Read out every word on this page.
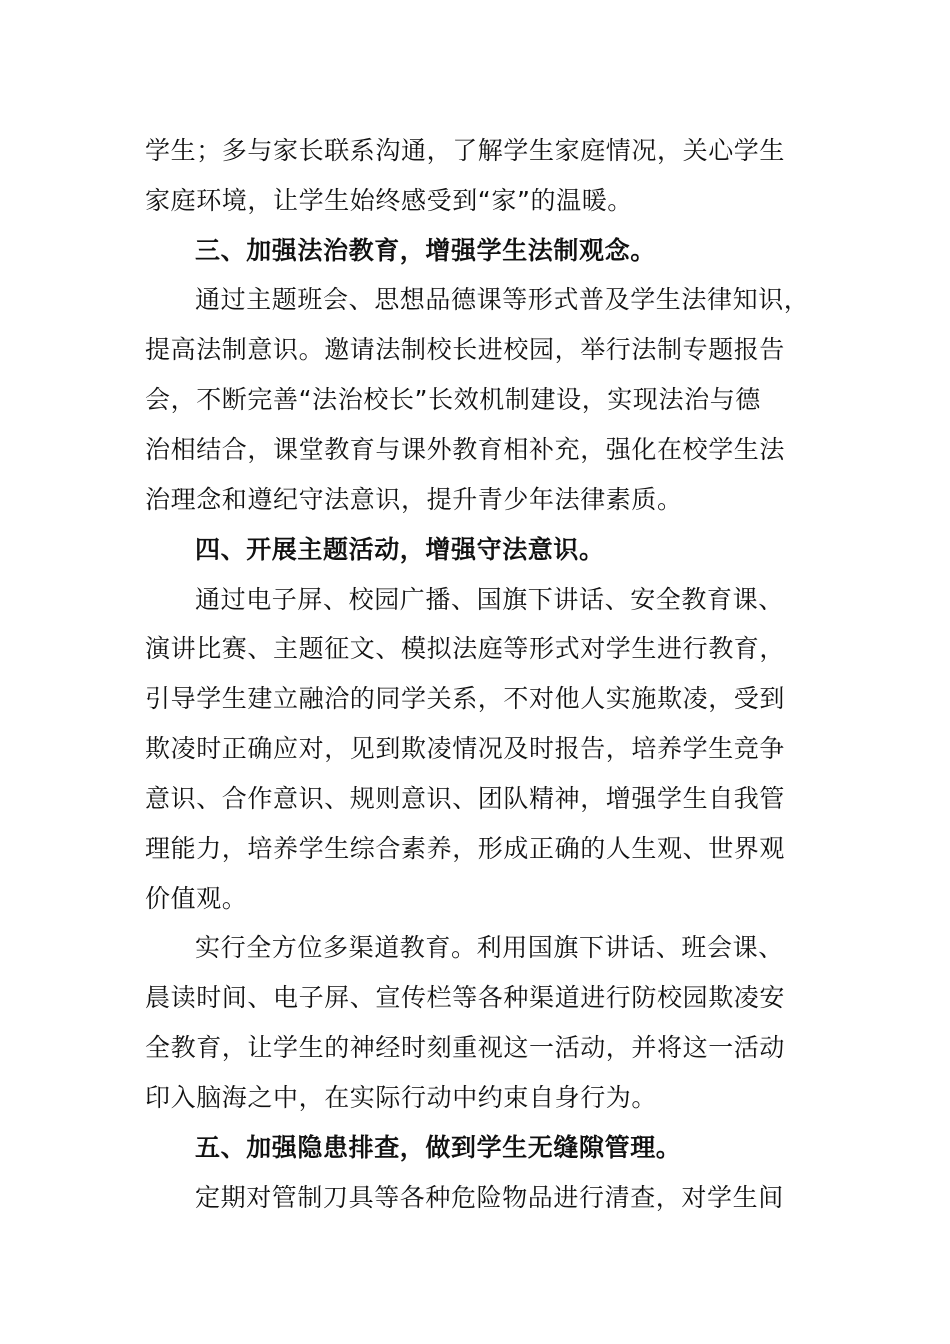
学生；多与家长联系沟通，了解学生家庭情况，关心学生
家庭环境，让学生始终感受到“家”的温暖。
三、加强法治教育，增强学生法制观念。
通过主题班会、思想品德课等形式普及学生法律知识，
提高法制意识。邀请法制校长进校园，举行法制专题报告
会，不断完善“法治校长”长效机制建设，实现法治与德
治相结合，课堂教育与课外教育相补充，强化在校学生法
治理念和遵纪守法意识，提升青少年法律素质。
四、开展主题活动，增强守法意识。
通过电子屏、校园广播、国旗下讲话、安全教育课、
演讲比赛、主题征文、模拟法庭等形式对学生进行教育，
引导学生建立融洽的同学关系，不对他人实施欺凌，受到
欺凌时正确应对，见到欺凌情况及时报告，培养学生竞争
意识、合作意识、规则意识、团队精神，增强学生自我管
理能力，培养学生综合素养，形成正确的人生观、世界观
价值观。
实行全方位多渠道教育。利用国旗下讲话、班会课、
晨读时间、电子屏、宣传栏等各种渠道进行防校园欺凌安
全教育，让学生的神经时刻重视这一活动，并将这一活动
印入脑海之中，在实际行动中约束自身行为。
五、加强隐患排查，做到学生无缝隙管理。
定期对管制刀具等各种危险物品进行清查，对学生间
